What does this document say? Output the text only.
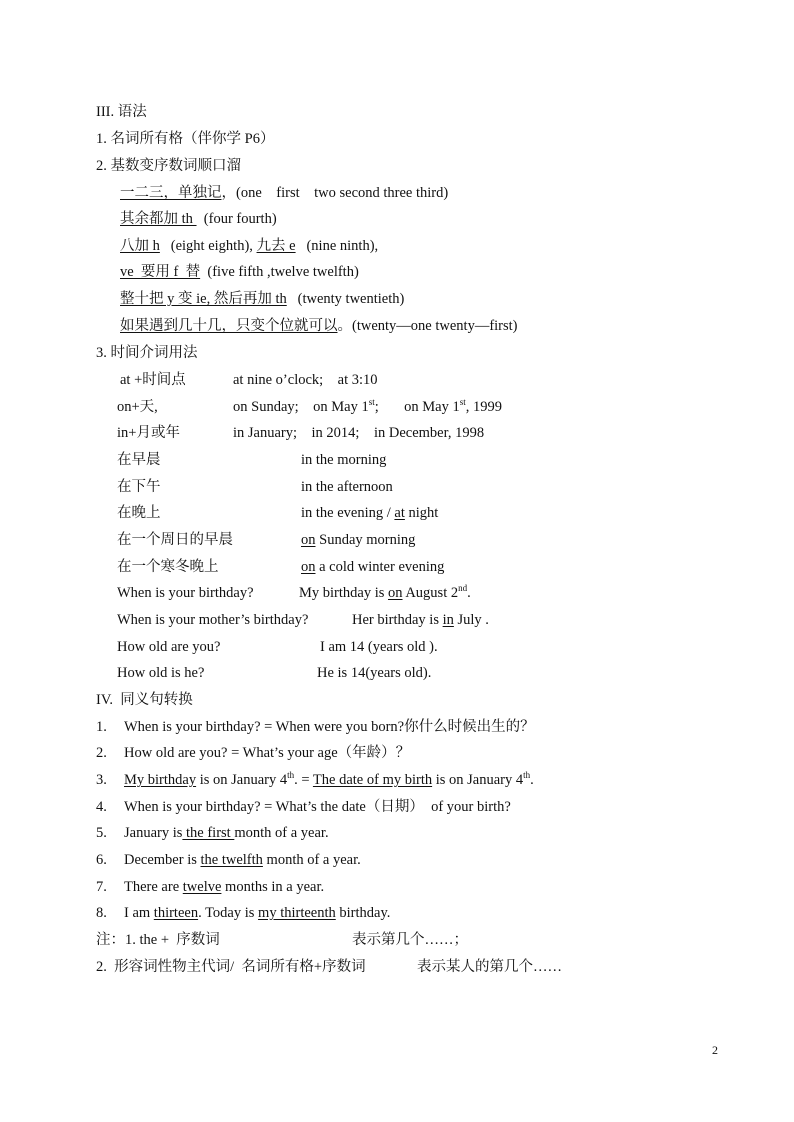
III. 语法
1. 名词所有格（伴你学 P6）
2. 基数变序数词顺口溜
一二三，单独记，(one    first    two second three third)
其余都加 th   (four fourth)
八加 h   (eight eighth), 九去 e   (nine ninth),
ve  要用 f  替  (five fifth ,twelve twelfth)
整十把 y 变 ie, 然后再加 th   (twenty twentieth)
如果遇到几十几，只变个位就可以。(twenty—one twenty—first)
3. 时间介词用法
at +时间点	at nine o’clock;    at 3:10
on+天,	on Sunday;    on May 1st;       on May 1st, 1999
in+月或年	in January;    in 2014;    in December, 1998
在早晨	in the morning
在下午	in the afternoon
在晚上	in the evening / at night
在一个周日的早晨	on Sunday morning
在一个寒冬晚上	on a cold winter evening
When is your birthday?	My birthday is on August 2nd.
When is your mother’s birthday?	Her birthday is in July .
How old are you?	I am 14 (years old ).
How old is he?	He is 14(years old).
IV.  同义句转换
1. When is your birthday? = When were you born?你什么时候出生的？
2. How old are you? = What’s your age（年龄）？
3. My birthday is on January 4th. = The date of my birth is on January 4th.
4. When is your birthday? = What’s the date（日期）  of your birth?
5. January is the first month of a year.
6. December is the twelfth month of a year.
7. There are twelve months in a year.
8. I am thirteen. Today is my thirteenth birthday.
注：1. the +  序数词	表示第几个……；
2.  形容词性物主代词/  名词所有格+序数词	表示某人的第几个……
2
